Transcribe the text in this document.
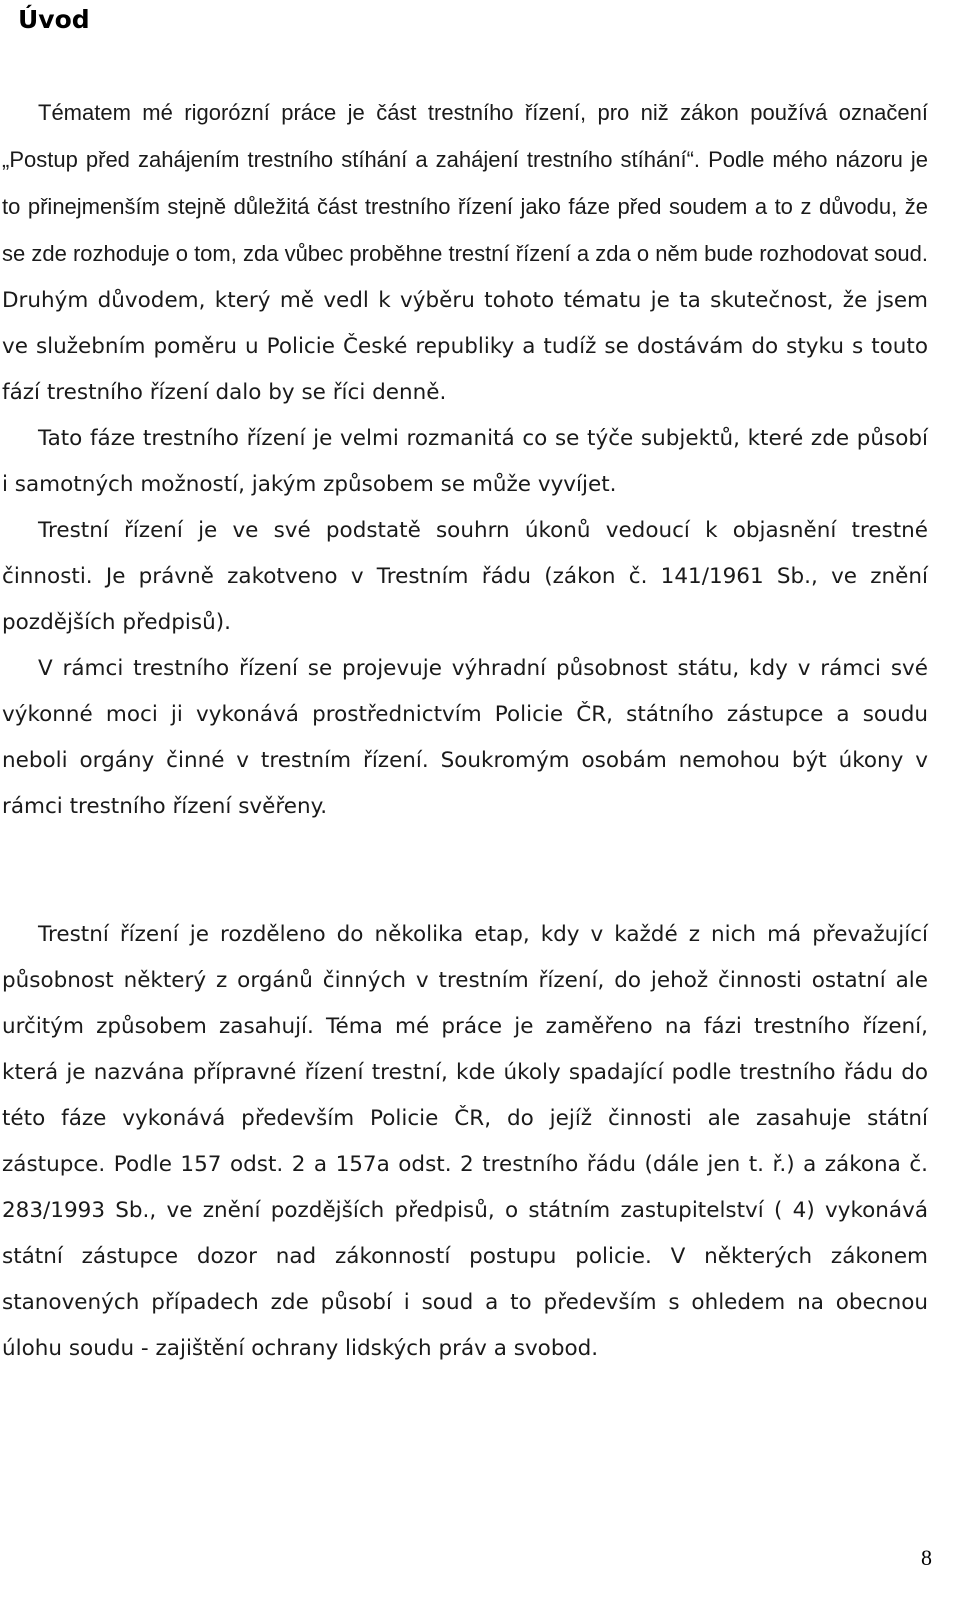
Úvod

Tématem mé rigorózní práce je část trestního řízení, pro niž zákon používá označení „Postup před zahájením trestního stíhání a zahájení trestního stíhání“. Podle mého názoru je to přinejmenším stejně důležitá část trestního řízení jako fáze před soudem a to z důvodu, že se zde rozhoduje o tom, zda vůbec proběhne trestní řízení a zda o něm bude rozhodovat soud. Druhým důvodem, který mě vedl k výběru tohoto tématu je ta skutečnost, že jsem ve služebním poměru u Policie České republiky a tudíž se dostávám do styku s touto fází trestního řízení dalo by se říci denně.

Tato fáze trestního řízení je velmi rozmanitá co se týče subjektů, které zde působí i samotných možností, jakým způsobem se může vyvíjet.

Trestní řízení je ve své podstatě souhrn úkonů vedoucí k objasnění trestné činnosti. Je právně zakotveno v Trestním řádu (zákon č. 141/1961 Sb., ve znění pozdějších předpisů).

V rámci trestního řízení se projevuje výhradní působnost státu, kdy v rámci své výkonné moci ji vykonává prostřednictvím Policie ČR, státního zástupce a soudu neboli orgány činné v trestním řízení. Soukromým osobám nemohou být úkony v rámci trestního řízení svěřeny.

Trestní řízení je rozděleno do několika etap, kdy v každé z nich má převažující působnost některý z orgánů činných v trestním řízení, do jehož činnosti ostatní ale určitým způsobem zasahují. Téma mé práce je zaměřeno na fázi trestního řízení, která je nazvána přípravné řízení trestní, kde úkoly spadající podle trestního řádu do této fáze vykonává především Policie ČR, do jejíž činnosti ale zasahuje státní zástupce. Podle 157 odst. 2 a 157a odst. 2 trestního řádu (dále jen t. ř.) a zákona č. 283/1993 Sb., ve znění pozdějších předpisů, o státním zastupitelství ( 4) vykonává státní zástupce dozor nad zákonností postupu policie. V některých zákonem stanovených případech zde působí i soud a to především s ohledem na obecnou úlohu soudu - zajištění ochrany lidských práv a svobod.

8
